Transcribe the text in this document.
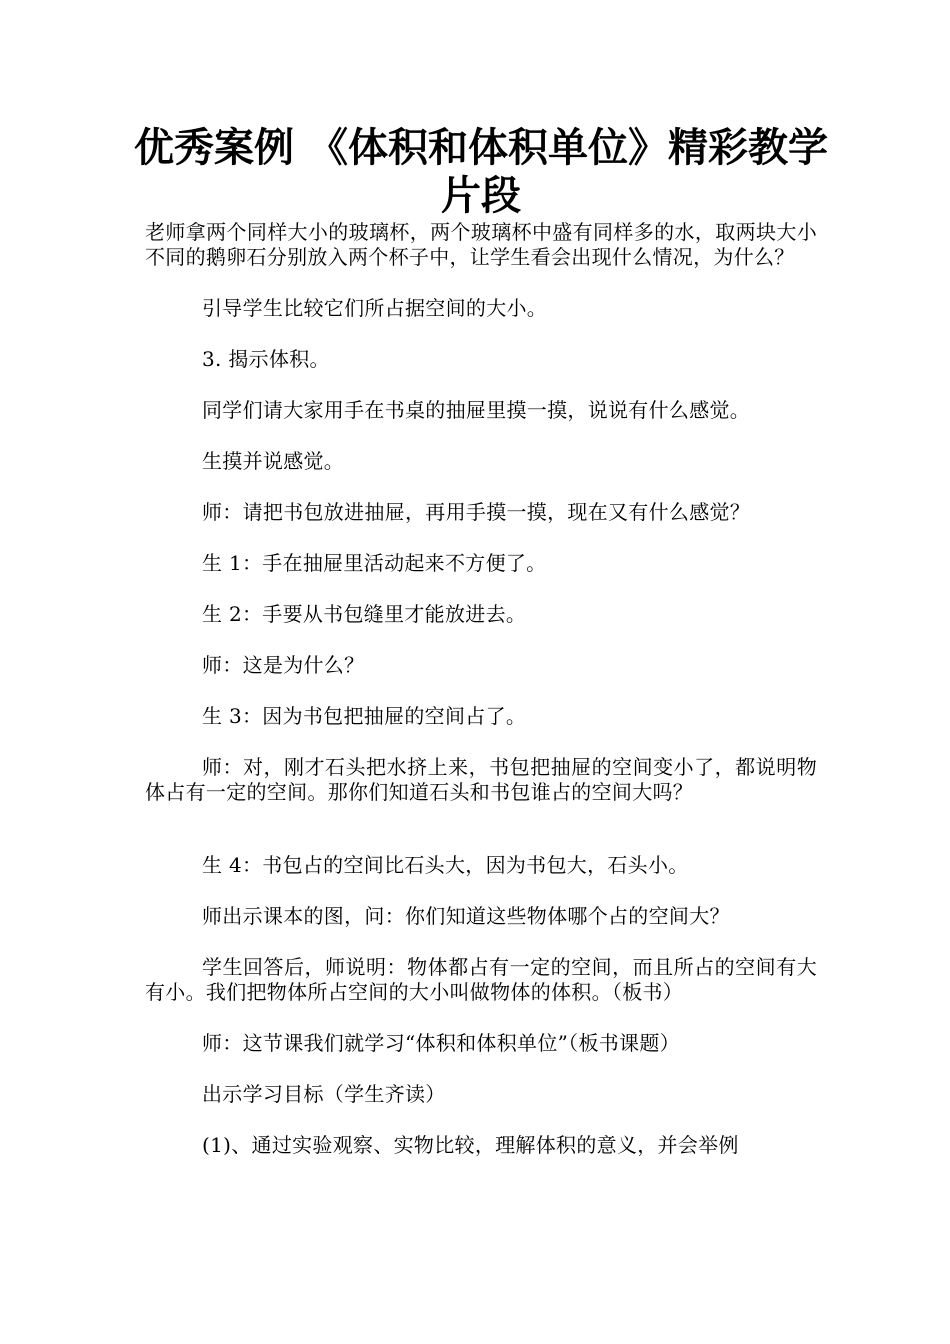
优秀案例 《体积和体积单位》精彩教学片段

老师拿两个同样大小的玻璃杯，两个玻璃杯中盛有同样多的水，取两块大小不同的鹅卵石分别放入两个杯子中，让学生看会出现什么情况，为什么？

引导学生比较它们所占据空间的大小。

3. 揭示体积。

同学们请大家用手在书桌的抽屉里摸一摸，说说有什么感觉。

生摸并说感觉。

师：请把书包放进抽屉，再用手摸一摸，现在又有什么感觉？

生 1：手在抽屉里活动起来不方便了。

生 2：手要从书包缝里才能放进去。

师：这是为什么？

生 3：因为书包把抽屉的空间占了。

师：对，刚才石头把水挤上来，书包把抽屉的空间变小了，都说明物体占有一定的空间。那你们知道石头和书包谁占的空间大吗？

生 4：书包占的空间比石头大，因为书包大，石头小。

师出示课本的图，问：你们知道这些物体哪个占的空间大？

学生回答后，师说明：物体都占有一定的空间，而且所占的空间有大有小。我们把物体所占空间的大小叫做物体的体积。（板书）

师：这节课我们就学习“体积和体积单位”（板书课题）

出示学习目标（学生齐读）

(1)、通过实验观察、实物比较，理解体积的意义，并会举例
